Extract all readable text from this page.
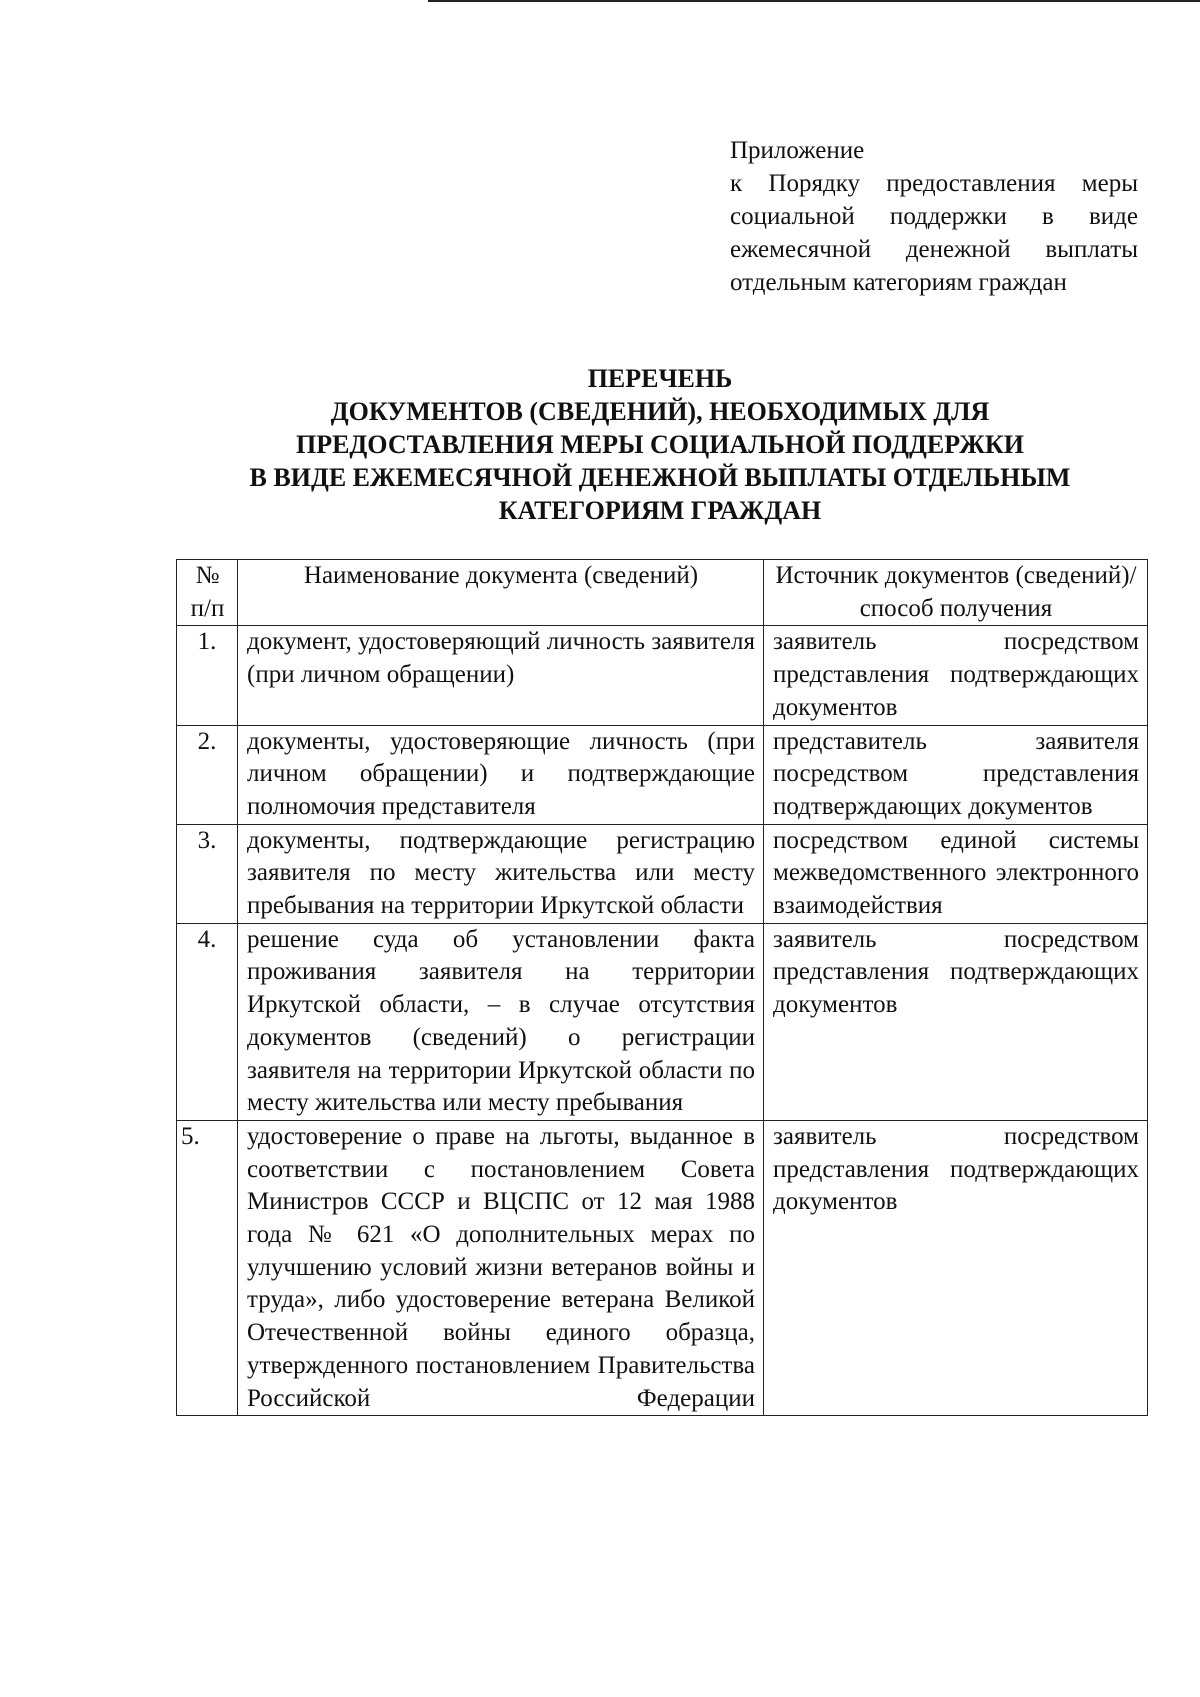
Приложение
к Порядку предоставления меры социальной поддержки в виде ежемесячной денежной выплаты отдельным категориям граждан
ПЕРЕЧЕНЬ
ДОКУМЕНТОВ (СВЕДЕНИЙ), НЕОБХОДИМЫХ ДЛЯ
ПРЕДОСТАВЛЕНИЯ МЕРЫ СОЦИАЛЬНОЙ ПОДДЕРЖКИ
В ВИДЕ ЕЖЕМЕСЯЧНОЙ ДЕНЕЖНОЙ ВЫПЛАТЫ ОТДЕЛЬНЫМ
КАТЕГОРИЯМ ГРАЖДАН
№ п/п	Наименование документа (сведений)	Источник документов (сведений)/способ получения
1.	документ, удостоверяющий личность заявителя (при личном обращении)	заявитель посредством представления подтверждающих документов
2.	документы, удостоверяющие личность (при личном обращении) и подтверждающие полномочия представителя	представитель заявителя посредством представления подтверждающих документов
3.	документы, подтверждающие регистрацию заявителя по месту жительства или месту пребывания на территории Иркутской области	посредством единой системы межведомственного электронного взаимодействия
4.	решение суда об установлении факта проживания заявителя на территории Иркутской области, – в случае отсутствия документов (сведений) о регистрации заявителя на территории Иркутской области по месту жительства или месту пребывания	заявитель посредством представления подтверждающих документов
5.	удостоверение о праве на льготы, выданное в соответствии с постановлением Совета Министров СССР и ВЦСПС от 12 мая 1988 года № 621 «О дополнительных мерах по улучшению условий жизни ветеранов войны и труда», либо удостоверение ветерана Великой Отечественной войны единого образца, утвержденного постановлением Правительства Российской Федерации	заявитель посредством представления подтверждающих документов
